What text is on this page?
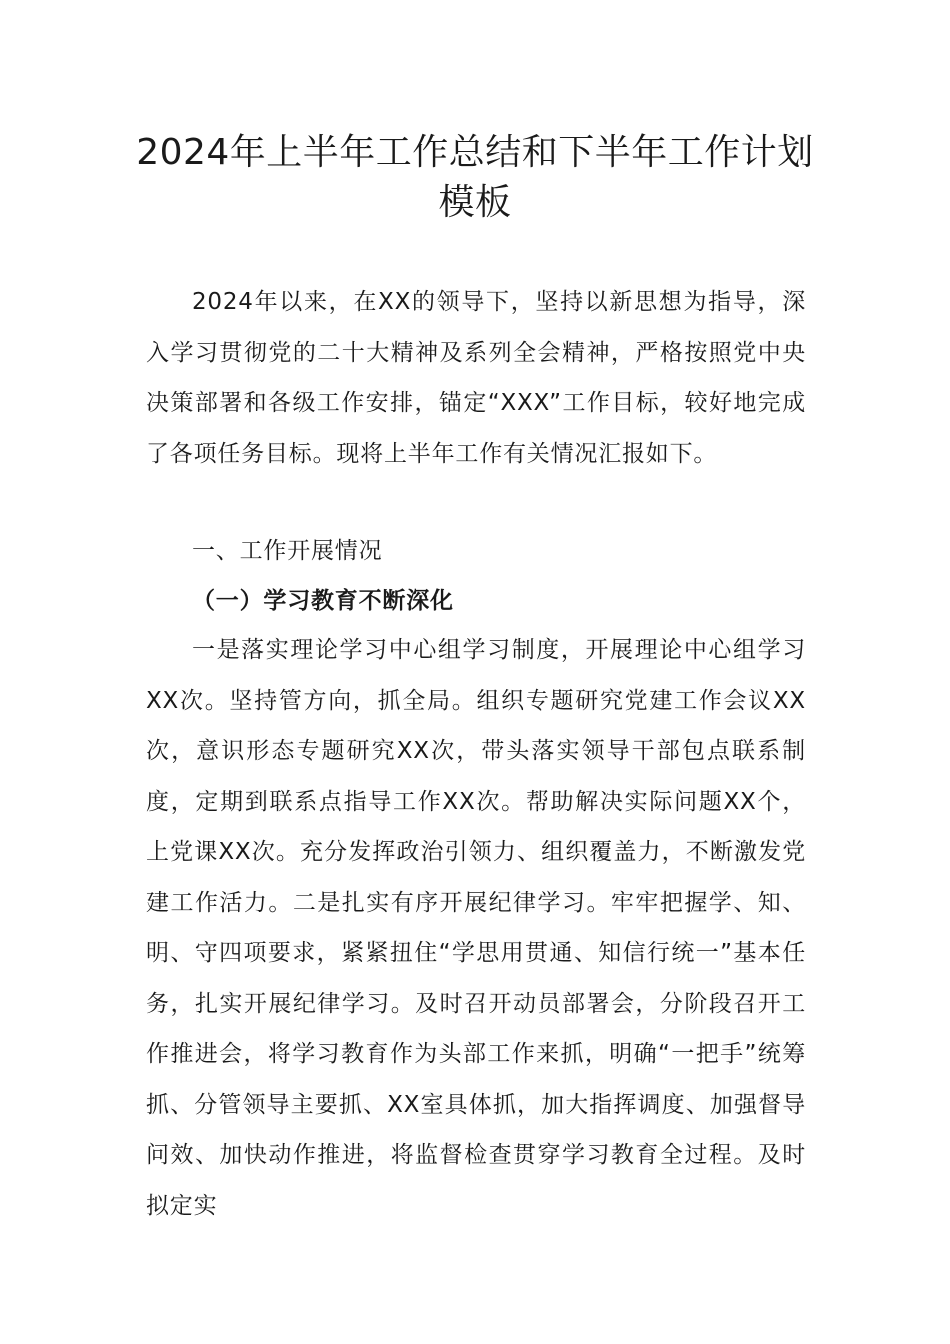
2024年上半年工作总结和下半年工作计划
模板

2024年以来，在XX的领导下，坚持以新思想为指导，深入学习贯彻党的二十大精神及系列全会精神，严格按照党中央决策部署和各级工作安排，锚定“XXX”工作目标，较好地完成了各项任务目标。现将上半年工作有关情况汇报如下。

一、工作开展情况
（一）学习教育不断深化

一是落实理论学习中心组学习制度，开展理论中心组学习XX次。坚持管方向，抓全局。组织专题研究党建工作会议XX次，意识形态专题研究XX次，带头落实领导干部包点联系制度，定期到联系点指导工作XX次。帮助解决实际问题XX个，上党课XX次。充分发挥政治引领力、组织覆盖力，不断激发党建工作活力。二是扎实有序开展纪律学习。牢牢把握学、知、明、守四项要求，紧紧扭住“学思用贯通、知信行统一”基本任务，扎实开展纪律学习。及时召开动员部署会，分阶段召开工作推进会，将学习教育作为头部工作来抓，明确“一把手”统筹抓、分管领导主要抓、XX室具体抓，加大指挥调度、加强督导问效、加快动作推进，将监督检查贯穿学习教育全过程。及时拟定实
